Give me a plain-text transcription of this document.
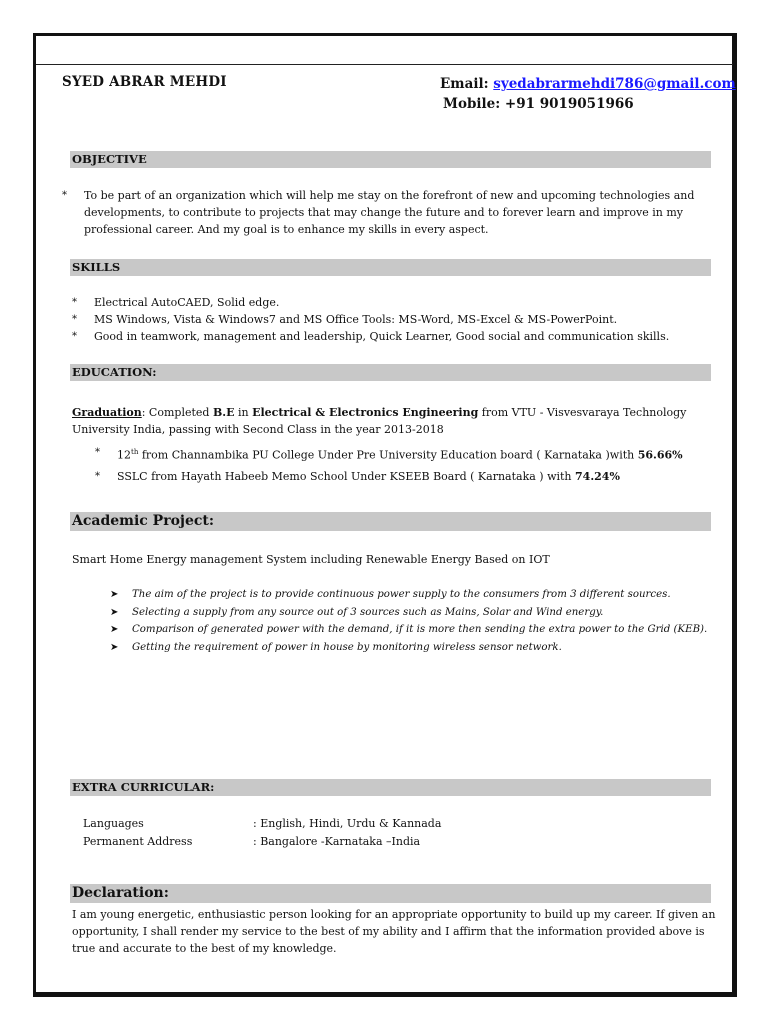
SYED ABRAR MEHDI	Email: syedabrarmehdi786@gmail.com
Mobile: +91 9019051966
OBJECTIVE
* To be part of an organization which will help me stay on the forefront of new and upcoming technologies and developments, to contribute to projects that may change the future and to forever learn and improve in my professional career. And my goal is to enhance my skills in every aspect.
SKILLS
* Electrical AutoCAED, Solid edge.
* MS Windows, Vista & Windows7 and MS Office Tools: MS-Word, MS-Excel & MS-PowerPoint.
* Good in teamwork, management and leadership, Quick Learner, Good social and communication skills.
EDUCATION:
Graduation: Completed B.E in Electrical & Electronics Engineering from VTU - Visvesvaraya Technology University India, passing with Second Class in the year 2013-2018
* 12th from Channambika PU College Under Pre University Education board ( Karnataka )with 56.66%
* SSLC from Hayath Habeeb Memo School Under KSEEB Board ( Karnataka ) with 74.24%
Academic Project:
Smart Home Energy management System including Renewable Energy Based on IOT
➤ The aim of the project is to provide continuous power supply to the consumers from 3 different sources.
➤ Selecting a supply from any source out of 3 sources such as Mains, Solar and Wind energy.
➤ Comparison of generated power with the demand, if it is more then sending the extra power to the Grid (KEB).
➤ Getting the requirement of power in house by monitoring wireless sensor network.
EXTRA CURRICULAR:
Languages	: English, Hindi, Urdu & Kannada
Permanent Address	: Bangalore -Karnataka –India
Declaration:
I am young energetic, enthusiastic person looking for an appropriate opportunity to build up my career. If given an opportunity, I shall render my service to the best of my ability and I affirm that the information provided above is true and accurate to the best of my knowledge.
